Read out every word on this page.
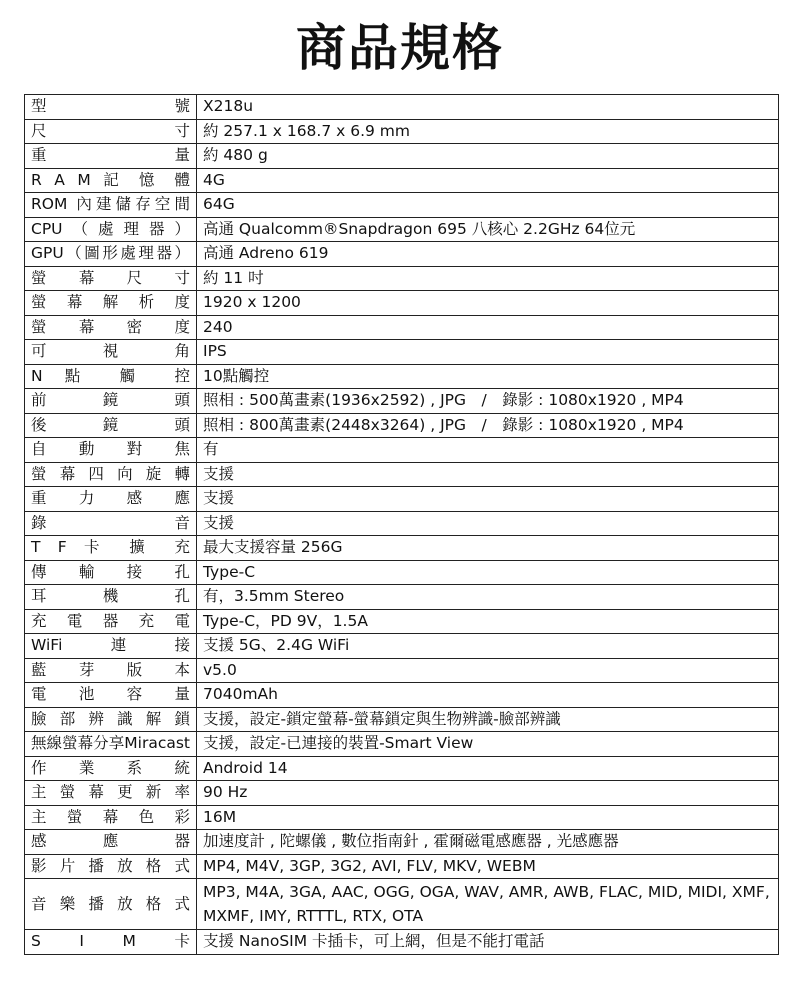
商品規格
型 號	X218u
尺 寸	約 257.1 x 168.7 x 6.9 mm
重 量	約 480 g
R A M 記 憶 體	4G
ROM 內建儲存空間	64G
CPU（處理器）	高通 Qualcomm®Snapdragon 695 八核心 2.2GHz 64位元
GPU（圖形處理器）	高通 Adreno 619
螢 幕 尺 寸	約 11 吋
螢 幕 解 析 度	1920 x 1200
螢 幕 密 度	240
可 視 角	IPS
N 點 觸 控	10點觸控
前 鏡 頭	照相 : 500萬畫素(1936x2592) , JPG　/　錄影 : 1080x1920 , MP4
後 鏡 頭	照相 : 800萬畫素(2448x3264) , JPG　/　錄影 : 1080x1920 , MP4
自 動 對 焦	有
螢 幕 四 向 旋 轉	支援
重 力 感 應	支援
錄 音	支援
T F 卡 擴 充	最大支援容量 256G
傳 輸 接 孔	Type-C
耳 機 孔	有，3.5mm Stereo
充 電 器 充 電	Type-C，PD 9V，1.5A
WiFi連接	支援 5G、2.4G WiFi
藍 芽 版 本	v5.0
電 池 容 量	7040mAh
臉 部 辨 識 解 鎖	支援，設定-鎖定螢幕-螢幕鎖定與生物辨識-臉部辨識
無線螢幕分享Miracast	支援，設定-已連接的裝置-Smart View
作 業 系 統	Android 14
主 螢 幕 更 新 率	90 Hz
主 螢 幕 色 彩	16M
感 應 器	加速度計 , 陀螺儀 , 數位指南針 , 霍爾磁電感應器 , 光感應器
影 片 播 放 格 式	MP4, M4V, 3GP, 3G2, AVI, FLV, MKV, WEBM
音 樂 播 放 格 式	MP3, M4A, 3GA, AAC, OGG, OGA, WAV, AMR, AWB, FLAC, MID, MIDI, XMF, MXMF, IMY, RTTTL, RTX, OTA
S I M 卡	支援 NanoSIM 卡插卡，可上網，但是不能打電話
